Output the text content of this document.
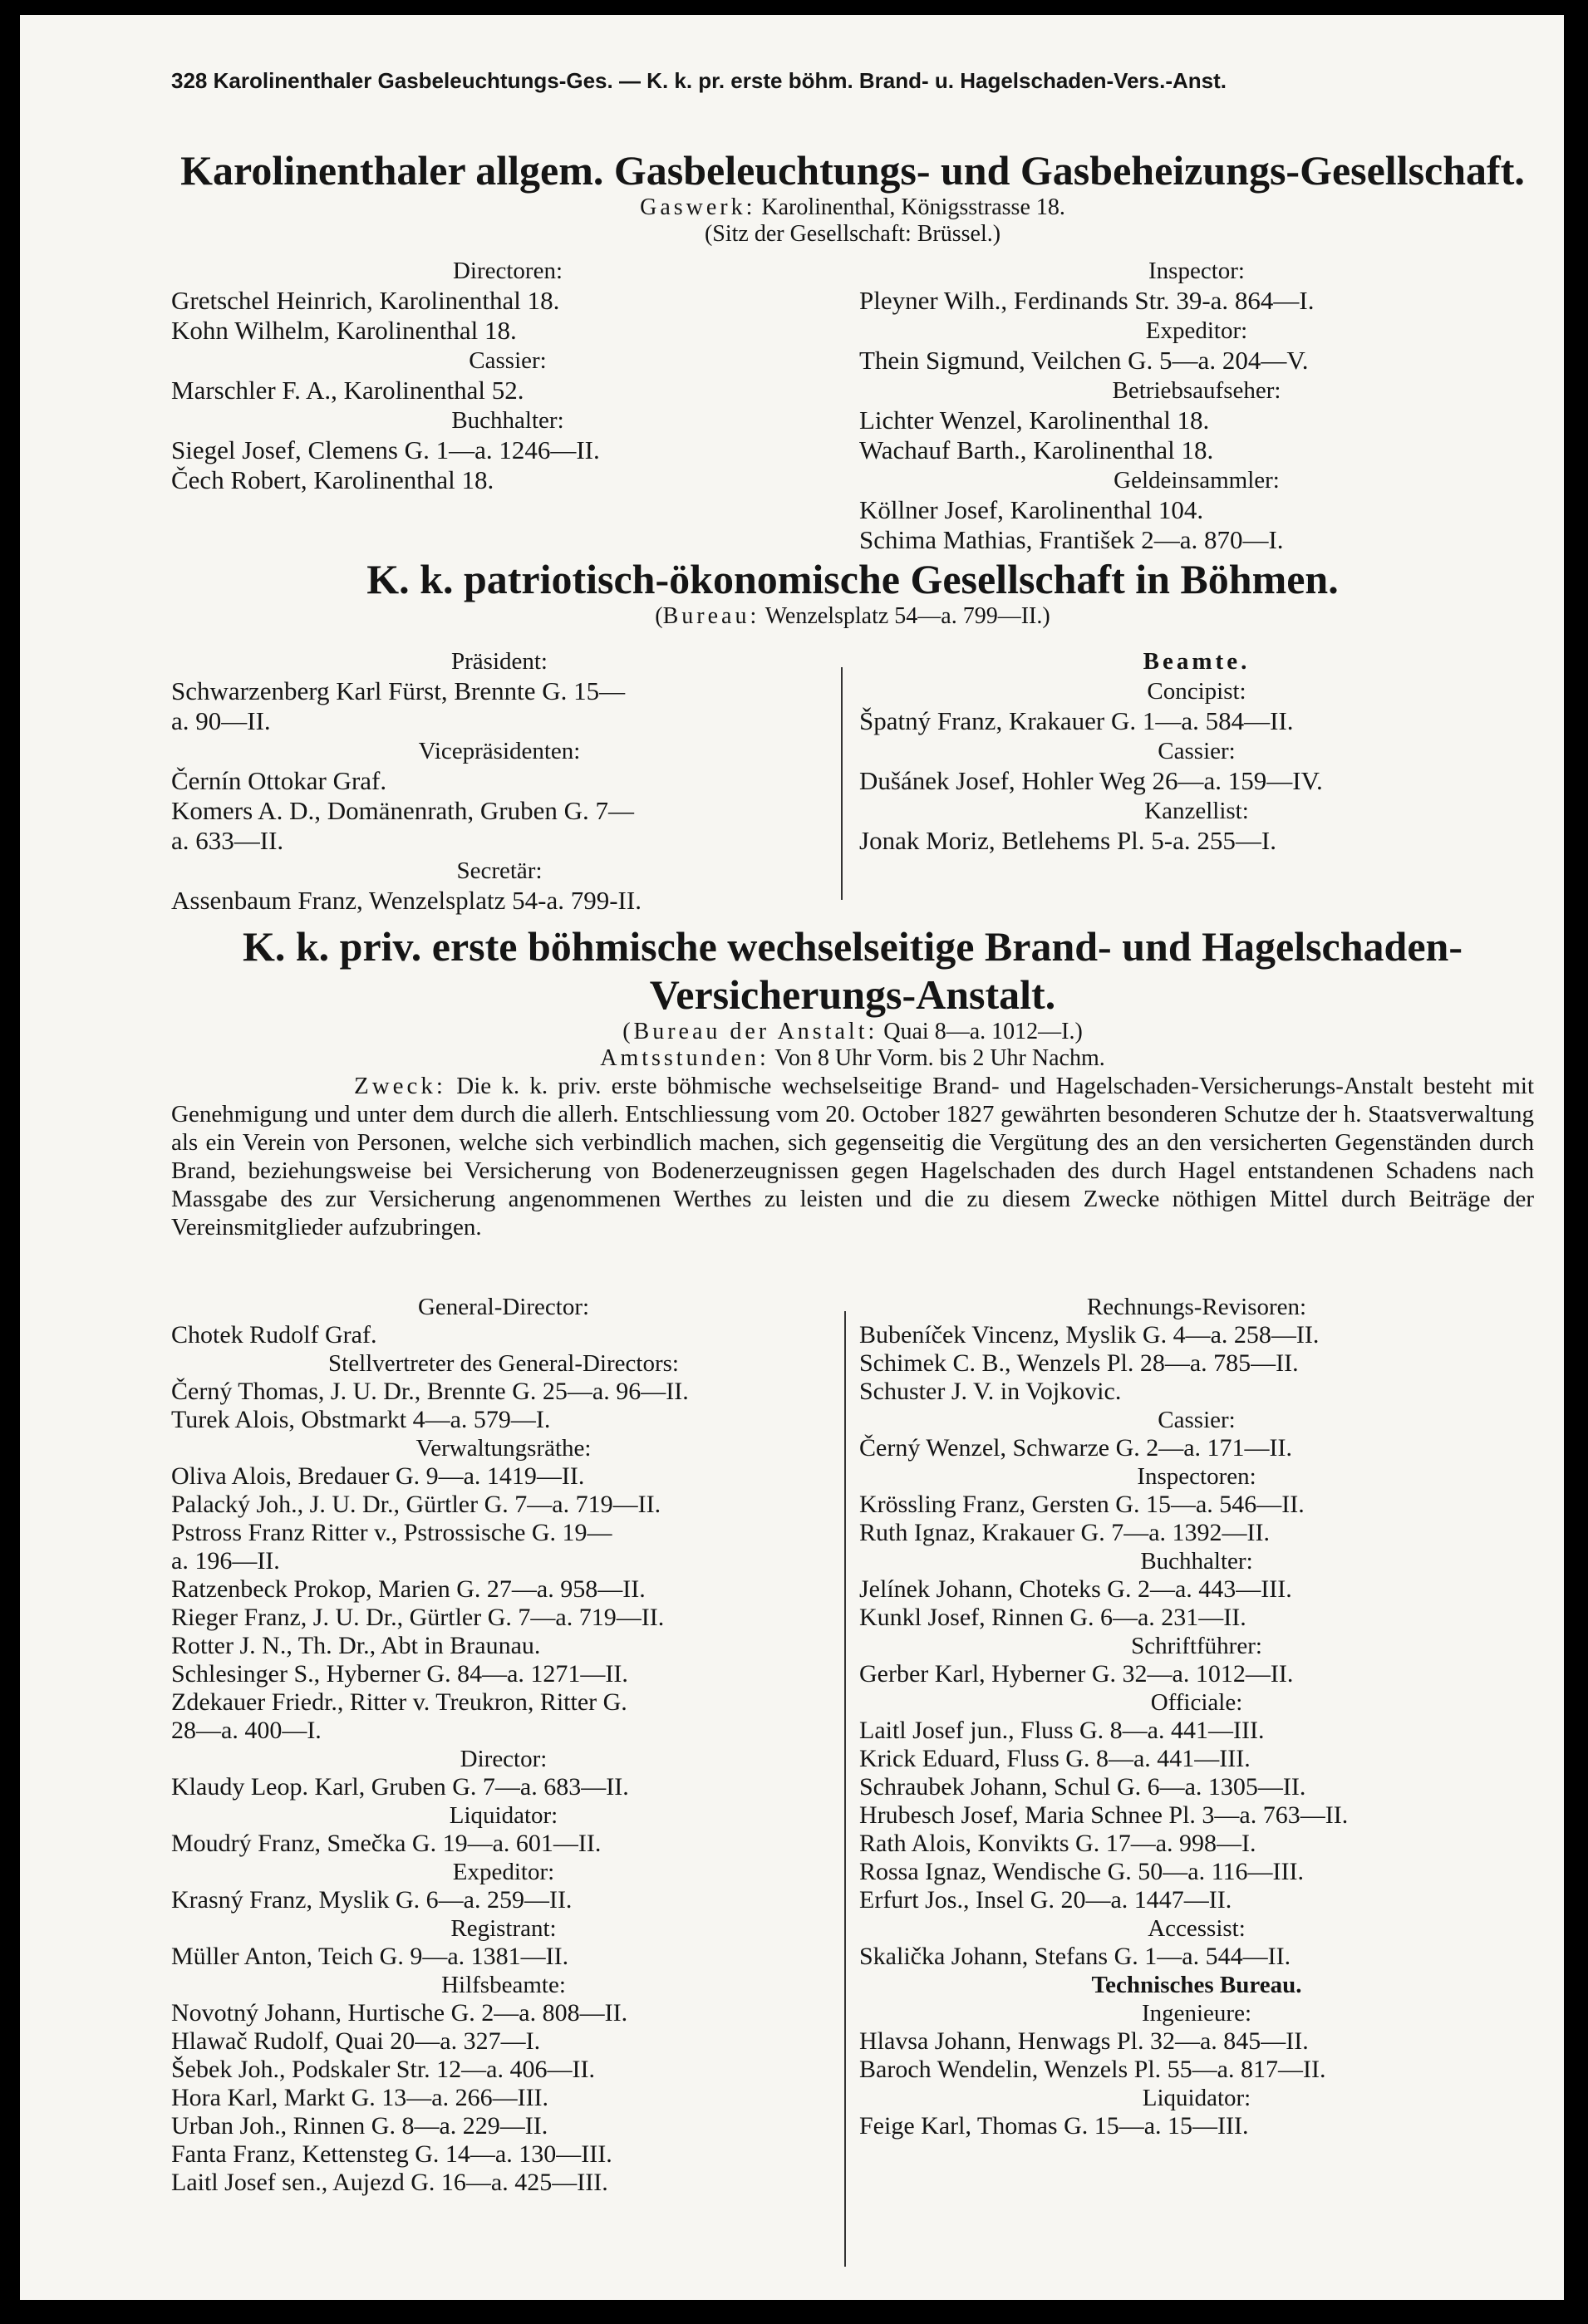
328 Karolinenthaler Gasbeleuchtungs-Ges. — K. k. pr. erste böhm. Brand- u. Hagelschaden-Vers.-Anst.
Karolinenthaler allgem. Gasbeleuchtungs- und Gasbeheizungs-Gesellschaft.
Gaswerk: Karolinenthal, Königsstrasse 18.
(Sitz der Gesellschaft: Brüssel.)
Directoren:
Gretschel Heinrich, Karolinenthal 18.
Kohn Wilhelm, Karolinenthal 18.
Cassier:
Marschler F. A., Karolinenthal 52.
Buchhalter:
Siegel Josef, Clemens G. 1—a. 1246—II.
Čech Robert, Karolinenthal 18.
Inspector:
Pleyner Wilh., Ferdinands Str. 39-a. 864—I.
Expeditor:
Thein Sigmund, Veilchen G. 5—a. 204—V.
Betriebsaufseher:
Lichter Wenzel, Karolinenthal 18.
Wachauf Barth., Karolinenthal 18.
Geldeinsammler:
Köllner Josef, Karolinenthal 104.
Schima Mathias, František 2—a. 870—I.
K. k. patriotisch-ökonomische Gesellschaft in Böhmen.
(Bureau: Wenzelsplatz 54—a. 799—II.)
Präsident:
Schwarzenberg Karl Fürst, Brennte G. 15—
a. 90—II.
Vicepräsidenten:
Černín Ottokar Graf.
Komers A. D., Domänenrath, Gruben G. 7—
a. 633—II.
Secretär:
Assenbaum Franz, Wenzelsplatz 54-a. 799-II.
Beamte.
Concipist:
Špatný Franz, Krakauer G. 1—a. 584—II.
Cassier:
Dušánek Josef, Hohler Weg 26—a. 159—IV.
Kanzellist:
Jonak Moriz, Betlehems Pl. 5-a. 255—I.
K. k. priv. erste böhmische wechselseitige Brand- und Hagelschaden-
Versicherungs-Anstalt.
(Bureau der Anstalt: Quai 8—a. 1012—I.)
Amtsstunden: Von 8 Uhr Vorm. bis 2 Uhr Nachm.
Zweck: Die k. k. priv. erste böhmische wechselseitige Brand- und Hagelschaden-Versicherungs-Anstalt besteht mit Genehmigung und unter dem durch die allerh. Entschliessung vom 20. October 1827 gewährten besonderen Schutze der h. Staatsverwaltung als ein Verein von Personen, welche sich verbindlich machen, sich gegenseitig die Vergütung des an den versicherten Gegenständen durch Brand, beziehungsweise bei Versicherung von Bodenerzeugnissen gegen Hagelschaden des durch Hagel entstandenen Schadens nach Massgabe des zur Versicherung angenommenen Werthes zu leisten und die zu diesem Zwecke nöthigen Mittel durch Beiträge der Vereinsmitglieder aufzubringen.
General-Director:
Chotek Rudolf Graf.
Stellvertreter des General-Directors:
Černý Thomas, J. U. Dr., Brennte G. 25—a. 96—II.
Turek Alois, Obstmarkt 4—a. 579—I.
Verwaltungsräthe:
Oliva Alois, Bredauer G. 9—a. 1419—II.
Palacký Joh., J. U. Dr., Gürtler G. 7—a. 719—II.
Pstross Franz Ritter v., Pstrossische G. 19—
a. 196—II.
Ratzenbeck Prokop, Marien G. 27—a. 958—II.
Rieger Franz, J. U. Dr., Gürtler G. 7—a. 719—II.
Rotter J. N., Th. Dr., Abt in Braunau.
Schlesinger S., Hyberner G. 84—a. 1271—II.
Zdekauer Friedr., Ritter v. Treukron, Ritter G.
28—a. 400—I.
Director:
Klaudy Leop. Karl, Gruben G. 7—a. 683—II.
Liquidator:
Moudrý Franz, Smečka G. 19—a. 601—II.
Expeditor:
Krasný Franz, Myslik G. 6—a. 259—II.
Registrant:
Müller Anton, Teich G. 9—a. 1381—II.
Hilfsbeamte:
Novotný Johann, Hurtische G. 2—a. 808—II.
Hlawač Rudolf, Quai 20—a. 327—I.
Šebek Joh., Podskaler Str. 12—a. 406—II.
Hora Karl, Markt G. 13—a. 266—III.
Urban Joh., Rinnen G. 8—a. 229—II.
Fanta Franz, Kettensteg G. 14—a. 130—III.
Laitl Josef sen., Aujezd G. 16—a. 425—III.
Rechnungs-Revisoren:
Bubeníček Vincenz, Myslik G. 4—a. 258—II.
Schimek C. B., Wenzels Pl. 28—a. 785—II.
Schuster J. V. in Vojkovic.
Cassier:
Černý Wenzel, Schwarze G. 2—a. 171—II.
Inspectoren:
Krössling Franz, Gersten G. 15—a. 546—II.
Ruth Ignaz, Krakauer G. 7—a. 1392—II.
Buchhalter:
Jelínek Johann, Choteks G. 2—a. 443—III.
Kunkl Josef, Rinnen G. 6—a. 231—II.
Schriftführer:
Gerber Karl, Hyberner G. 32—a. 1012—II.
Officiale:
Laitl Josef jun., Fluss G. 8—a. 441—III.
Krick Eduard, Fluss G. 8—a. 441—III.
Schraubek Johann, Schul G. 6—a. 1305—II.
Hrubesch Josef, Maria Schnee Pl. 3—a. 763—II.
Rath Alois, Konvikts G. 17—a. 998—I.
Rossa Ignaz, Wendische G. 50—a. 116—III.
Erfurt Jos., Insel G. 20—a. 1447—II.
Accessist:
Skalička Johann, Stefans G. 1—a. 544—II.
Technisches Bureau.
Ingenieure:
Hlavsa Johann, Henwags Pl. 32—a. 845—II.
Baroch Wendelin, Wenzels Pl. 55—a. 817—II.
Liquidator:
Feige Karl, Thomas G. 15—a. 15—III.
